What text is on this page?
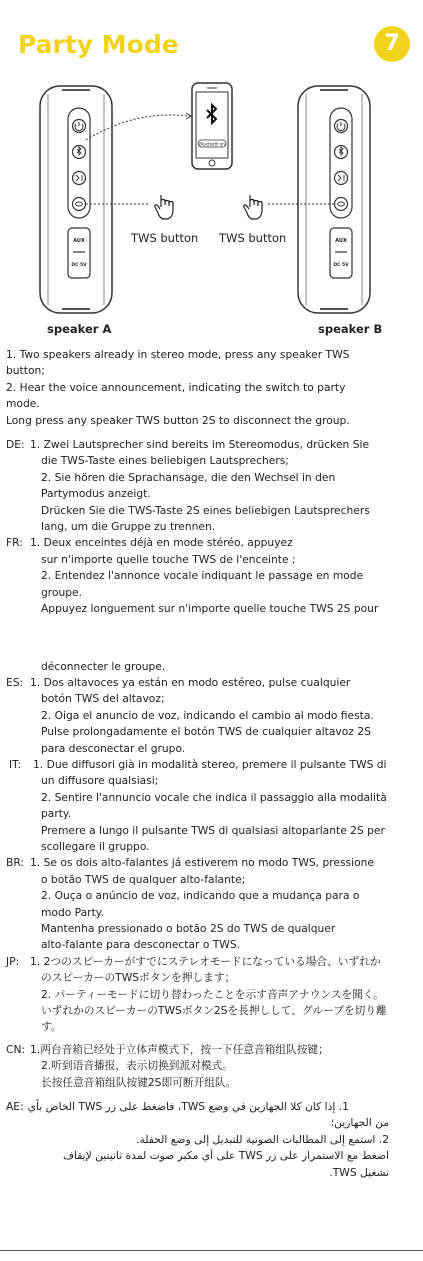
Party Mode	7
AUX
DC 5V
AUX
DC 5V
Bluetooth on
TWS button TWS button
speaker A	speaker B
1. Two speakers already in stereo mode, press any speaker TWS
button;
2. Hear the voice announcement, indicating the switch to party
mode.
Long press any speaker TWS button 2S to disconnect the group.
DE: 1. Zwei Lautsprecher sind bereits im Stereomodus, drücken Sie
die TWS-Taste eines beliebigen Lautsprechers;
2. Sie hören die Sprachansage, die den Wechsel in den
Partymodus anzeigt.
Drücken Sie die TWS-Taste 2S eines beliebigen Lautsprechers
lang, um die Gruppe zu trennen.
FR: 1. Deux enceintes déjà en mode stéréo, appuyez
sur n'importe quelle touche TWS de l'enceinte ;
2. Entendez l'annonce vocale indiquant le passage en mode
groupe.
Appuyez longuement sur n'importe quelle touche TWS 2S pour
déconnecter le groupe.
ES: 1. Dos altavoces ya están en modo estéreo, pulse cualquier
botón TWS del altavoz;
2. Oiga el anuncio de voz, indicando el cambio al modo fiesta.
Pulse prolongadamente el botón TWS de cualquier altavoz 2S
para desconectar el grupo.
IT: 1. Due diffusori già in modalità stereo, premere il pulsante TWS di
un diffusore qualsiasi;
2. Sentire l'annuncio vocale che indica il passaggio alla modalità
party.
Premere a lungo il pulsante TWS di qualsiasi altoparlante 2S per
scollegare il gruppo.
BR: 1. Se os dois alto-falantes já estiverem no modo TWS, pressione
o botão TWS de qualquer alto-falante;
2. Ouça o anúncio de voz, indicando que a mudança para o
modo Party.
Mantenha pressionado o botão 2S do TWS de qualquer
alto-falante para desconectar o TWS.
JP: 1. 2つのスピーカーがすでにステレオモードになっている場合、いずれか
のスピーカーのTWSボタンを押します；
2. パーティーモードに切り替わったことを示す音声アナウンスを聞く。
いずれかのスピーカーのTWSボタン2Sを長押しして、グループを切り離
す。
CN: 1.两台音箱已经处于立体声模式下，按一下任意音箱组队按键；
2.听到语音播报，表示切换到派对模式。
长按任意音箱组队按键2S即可断开组队。
AE: 1. إذا كان كلا الجهازين في وضع TWS، فاضغط على زر TWS الخاص بأي
من الجهازين؛
2. استمع إلى المطالبات الصوتية للتبديل إلى وضع الحفلة.
اضغط مع الاستمرار على زر TWS على أي مكبر صوت لمدة ثانيتين لإيقاف
تشغيل TWS.
